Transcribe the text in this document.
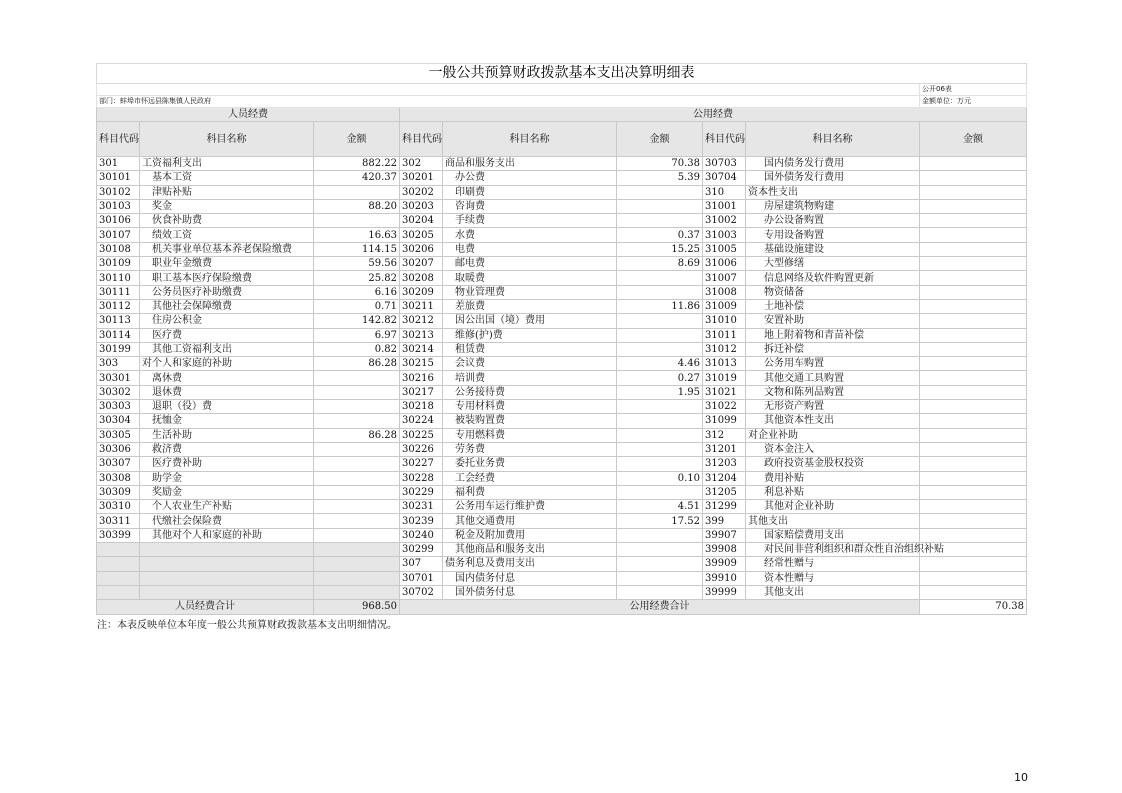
一般公共预算财政拨款基本支出决算明细表								
								公开06表
部门：蚌埠市怀远县陈集镇人民政府								金额单位：万元
人员经费			公用经费					
科目代码	科目名称	金额	科目代码	科目名称	金额	科目代码	科目名称	金额
301	工资福利支出	882.22	302	商品和服务支出	70.38	30703	国内债务发行费用	
30101	基本工资	420.37	30201	办公费	5.39	30704	国外债务发行费用	
30102	津贴补贴		30202	印刷费		310	资本性支出	
30103	奖金	88.20	30203	咨询费		31001	房屋建筑物购建	
30106	伙食补助费		30204	手续费		31002	办公设备购置	
30107	绩效工资	16.63	30205	水费	0.37	31003	专用设备购置	
30108	机关事业单位基本养老保险缴费	114.15	30206	电费	15.25	31005	基础设施建设	
30109	职业年金缴费	59.56	30207	邮电费	8.69	31006	大型修缮	
30110	职工基本医疗保险缴费	25.82	30208	取暖费		31007	信息网络及软件购置更新	
30111	公务员医疗补助缴费	6.16	30209	物业管理费		31008	物资储备	
30112	其他社会保障缴费	0.71	30211	差旅费	11.86	31009	土地补偿	
30113	住房公积金	142.82	30212	因公出国（境）费用		31010	安置补助	
30114	医疗费	6.97	30213	维修(护)费		31011	地上附着物和青苗补偿	
30199	其他工资福利支出	0.82	30214	租赁费		31012	拆迁补偿	
303	对个人和家庭的补助	86.28	30215	会议费	4.46	31013	公务用车购置	
30301	离休费		30216	培训费	0.27	31019	其他交通工具购置	
30302	退休费		30217	公务接待费	1.95	31021	文物和陈列品购置	
30303	退职（役）费		30218	专用材料费		31022	无形资产购置	
30304	抚恤金		30224	被装购置费		31099	其他资本性支出	
30305	生活补助	86.28	30225	专用燃料费		312	对企业补助	
30306	救济费		30226	劳务费		31201	资本金注入	
30307	医疗费补助		30227	委托业务费		31203	政府投资基金股权投资	
30308	助学金		30228	工会经费	0.10	31204	费用补贴	
30309	奖励金		30229	福利费		31205	利息补贴	
30310	个人农业生产补贴		30231	公务用车运行维护费	4.51	31299	其他对企业补助	
30311	代缴社会保险费		30239	其他交通费用	17.52	399	其他支出	
30399	其他对个人和家庭的补助		30240	税金及附加费用		39907	国家赔偿费用支出	
			30299	其他商品和服务支出		39908	对民间非营利组织和群众性自治组织补贴	
			307	债务利息及费用支出		39909	经常性赠与	
			30701	国内债务付息		39910	资本性赠与	
			30702	国外债务付息		39999	其他支出	
人员经费合计		968.50	公用经费合计					70.38
注：本表反映单位本年度一般公共预算财政拨款基本支出明细情况。
10
